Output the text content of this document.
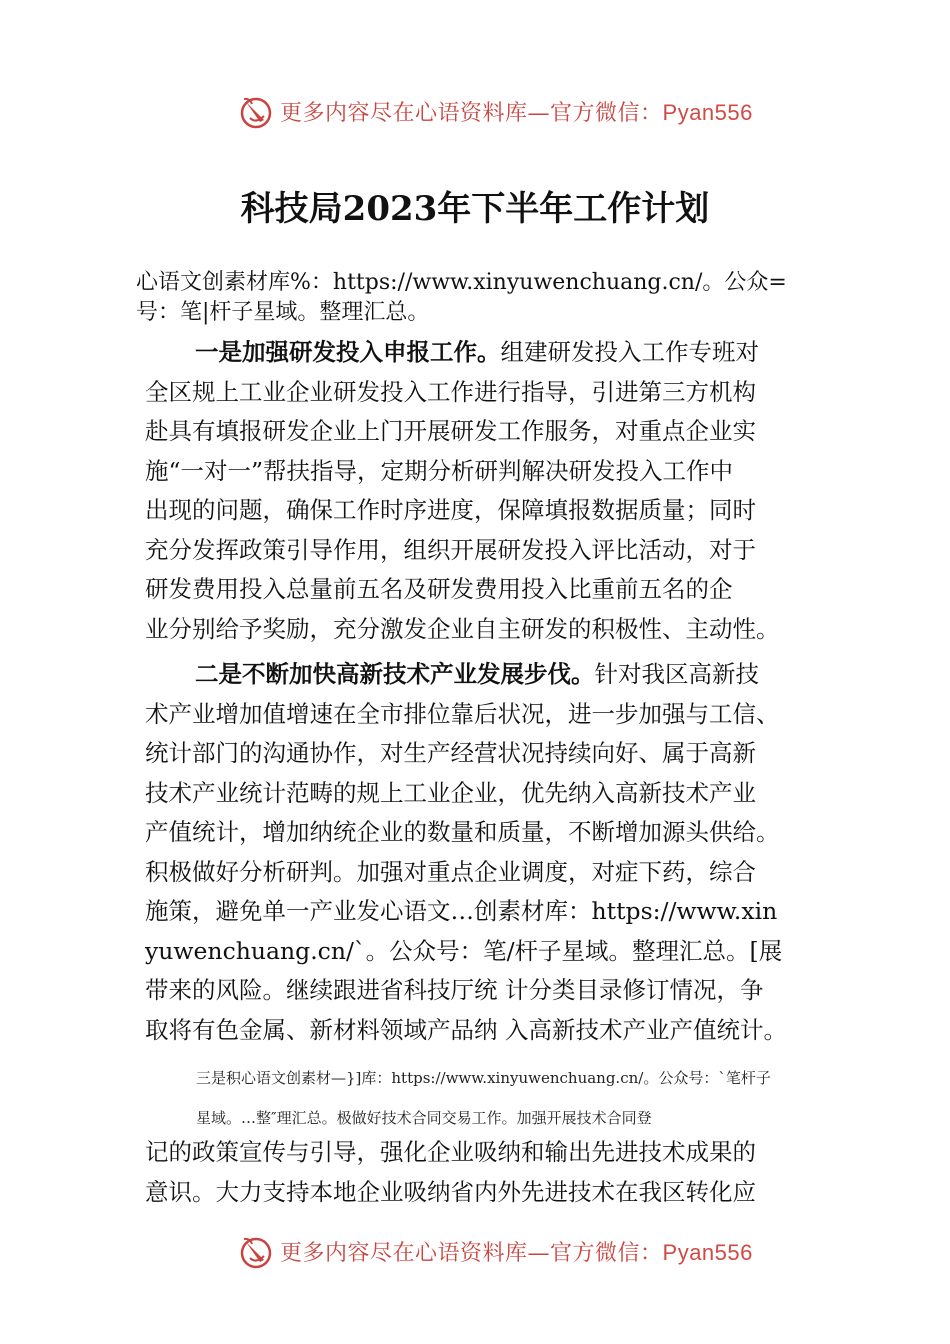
更多内容尽在心语资料库—官方微信：Pyan556
科技局2023年下半年工作计划
心语文创素材库%：https://www.xinyuwenchuang.cn/。公众=
号：笔|杆子星域。整理汇总。
一是加强研发投入申报工作。组建研发投入工作专班对
全区规上工业企业研发投入工作进行指导，引进第三方机构
赴具有填报研发企业上门开展研发工作服务，对重点企业实
施“一对一”帮扶指导，定期分析研判解决研发投入工作中
出现的问题，确保工作时序进度，保障填报数据质量；同时
充分发挥政策引导作用，组织开展研发投入评比活动，对于
研发费用投入总量前五名及研发费用投入比重前五名的企
业分别给予奖励，充分激发企业自主研发的积极性、主动性。
二是不断加快高新技术产业发展步伐。针对我区高新技
术产业增加值增速在全市排位靠后状况，进一步加强与工信、
统计部门的沟通协作，对生产经营状况持续向好、属于高新
技术产业统计范畴的规上工业企业，优先纳入高新技术产业
产值统计，增加纳统企业的数量和质量，不断增加源头供给。
积极做好分析研判。加强对重点企业调度，对症下药，综合
施策，避免单一产业发心语文…创素材库：https://www.xin
yuwenchuang.cn/`。公众号：笔/杆子星域。整理汇总。[展
带来的风险。继续跟进省科技厅统 计分类目录修订情况，争
取将有色金属、新材料领域产品纳 入高新技术产业产值统计。
三是积心语文创素材—}]库：https://www.xinyuwenchuang.cn/。公众号：`笔杆子
星域。…整″理汇总。极做好技术合同交易工作。加强开展技术合同登
记的政策宣传与引导，强化企业吸纳和输出先进技术成果的
意识。大力支持本地企业吸纳省内外先进技术在我区转化应
更多内容尽在心语资料库—官方微信：Pyan556
